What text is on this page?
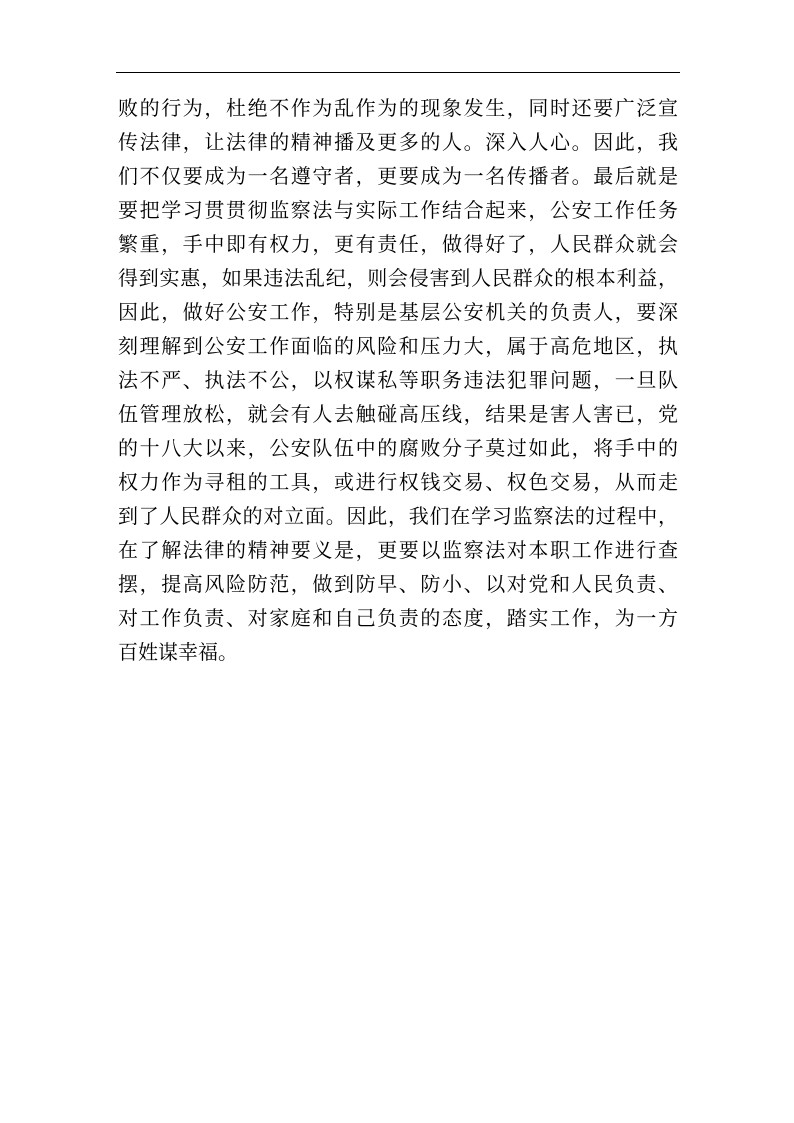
败的行为，杜绝不作为乱作为的现象发生，同时还要广泛宣
传法律，让法律的精神播及更多的人。深入人心。因此，我
们不仅要成为一名遵守者，更要成为一名传播者。最后就是
要把学习贯贯彻监察法与实际工作结合起来，公安工作任务
繁重，手中即有权力，更有责任，做得好了，人民群众就会
得到实惠，如果违法乱纪，则会侵害到人民群众的根本利益，
因此，做好公安工作，特别是基层公安机关的负责人，要深
刻理解到公安工作面临的风险和压力大，属于高危地区，执
法不严、执法不公，以权谋私等职务违法犯罪问题，一旦队
伍管理放松，就会有人去触碰高压线，结果是害人害已，党
的十八大以来，公安队伍中的腐败分子莫过如此，将手中的
权力作为寻租的工具，或进行权钱交易、权色交易，从而走
到了人民群众的对立面。因此，我们在学习监察法的过程中，
在了解法律的精神要义是，更要以监察法对本职工作进行查
摆，提高风险防范，做到防早、防小、以对党和人民负责、
对工作负责、对家庭和自己负责的态度，踏实工作，为一方
百姓谋幸福。
